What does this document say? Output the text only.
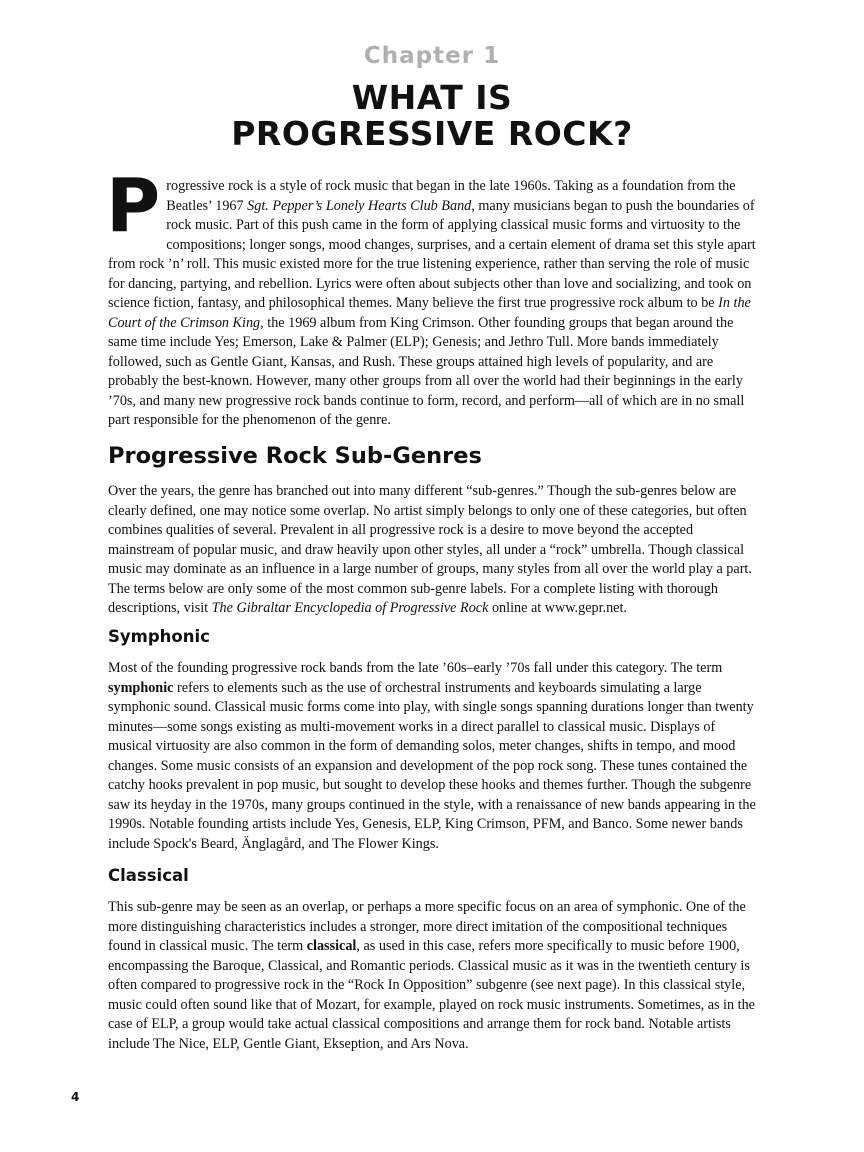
Chapter 1
WHAT IS
PROGRESSIVE ROCK?

Progressive rock is a style of rock music that began in the late 1960s. Taking as a foundation from the Beatles’ 1967 Sgt. Pepper’s Lonely Hearts Club Band, many musicians began to push the boundaries of rock music. Part of this push came in the form of applying classical music forms and virtuosity to the compositions; longer songs, mood changes, surprises, and a certain element of drama set this style apart from rock ’n’ roll. This music existed more for the true listening experience, rather than serving the role of music for dancing, partying, and rebellion. Lyrics were often about subjects other than love and socializing, and took on science fiction, fantasy, and philosophical themes. Many believe the first true progressive rock album to be In the Court of the Crimson King, the 1969 album from King Crimson. Other founding groups that began around the same time include Yes; Emerson, Lake & Palmer (ELP); Genesis; and Jethro Tull. More bands immediately followed, such as Gentle Giant, Kansas, and Rush. These groups attained high levels of popularity, and are probably the best-known. However, many other groups from all over the world had their beginnings in the early ’70s, and many new progressive rock bands continue to form, record, and perform—all of which are in no small part responsible for the phenomenon of the genre.

Progressive Rock Sub-Genres

Over the years, the genre has branched out into many different “sub-genres.” Though the sub-genres below are clearly defined, one may notice some overlap. No artist simply belongs to only one of these categories, but often combines qualities of several. Prevalent in all progressive rock is a desire to move beyond the accepted mainstream of popular music, and draw heavily upon other styles, all under a “rock” umbrella. Though classical music may dominate as an influence in a large number of groups, many styles from all over the world play a part. The terms below are only some of the most common sub-genre labels. For a complete listing with thorough descriptions, visit The Gibraltar Encyclopedia of Progressive Rock online at www.gepr.net.

Symphonic

Most of the founding progressive rock bands from the late ’60s–early ’70s fall under this category. The term symphonic refers to elements such as the use of orchestral instruments and keyboards simulating a large symphonic sound. Classical music forms come into play, with single songs spanning durations longer than twenty minutes—some songs existing as multi-movement works in a direct parallel to classical music. Displays of musical virtuosity are also common in the form of demanding solos, meter changes, shifts in tempo, and mood changes. Some music consists of an expansion and development of the pop rock song. These tunes contained the catchy hooks prevalent in pop music, but sought to develop these hooks and themes further. Though the subgenre saw its heyday in the 1970s, many groups continued in the style, with a renaissance of new bands appearing in the 1990s. Notable founding artists include Yes, Genesis, ELP, King Crimson, PFM, and Banco. Some newer bands include Spock's Beard, Änglagård, and The Flower Kings.

Classical

This sub-genre may be seen as an overlap, or perhaps a more specific focus on an area of symphonic. One of the more distinguishing characteristics includes a stronger, more direct imitation of the compositional techniques found in classical music. The term classical, as used in this case, refers more specifically to music before 1900, encompassing the Baroque, Classical, and Romantic periods. Classical music as it was in the twentieth century is often compared to progressive rock in the “Rock In Opposition” subgenre (see next page). In this classical style, music could often sound like that of Mozart, for example, played on rock music instruments. Sometimes, as in the case of ELP, a group would take actual classical compositions and arrange them for rock band. Notable artists include The Nice, ELP, Gentle Giant, Ekseption, and Ars Nova.

4
